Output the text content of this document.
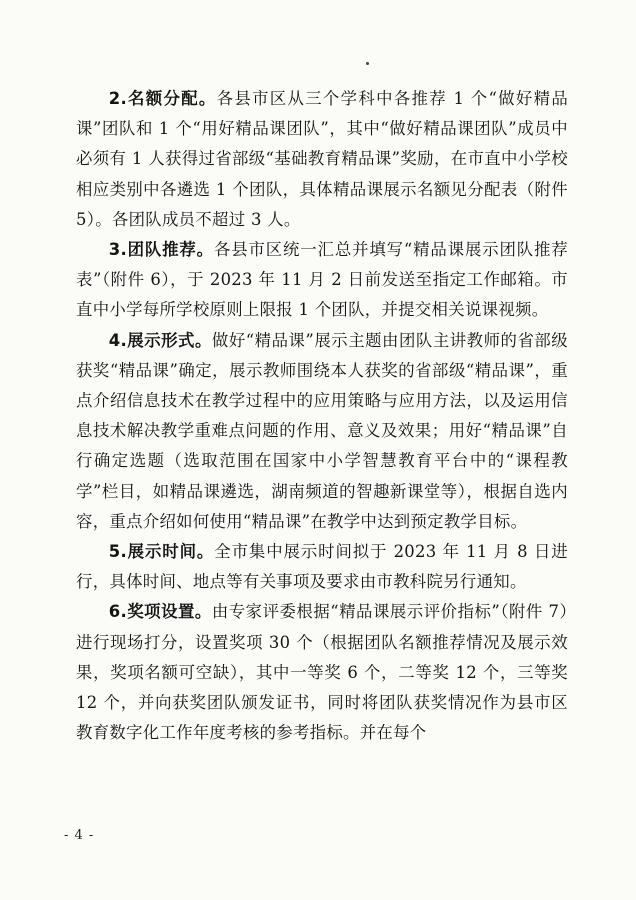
2.名额分配。各县市区从三个学科中各推荐 1 个“做好精品课”团队和 1 个“用好精品课团队”，其中“做好精品课团队”成员中必须有 1 人获得过省部级“基础教育精品课”奖励，在市直中小学校相应类别中各遴选 1 个团队，具体精品课展示名额见分配表（附件 5）。各团队成员不超过 3 人。

3.团队推荐。各县市区统一汇总并填写“精品课展示团队推荐表”（附件 6），于 2023 年 11 月 2 日前发送至指定工作邮箱。市直中小学每所学校原则上限报 1 个团队，并提交相关说课视频。

4.展示形式。做好“精品课”展示主题由团队主讲教师的省部级获奖“精品课”确定，展示教师围绕本人获奖的省部级“精品课”，重点介绍信息技术在教学过程中的应用策略与应用方法，以及运用信息技术解决教学重难点问题的作用、意义及效果；用好“精品课”自行确定选题（选取范围在国家中小学智慧教育平台中的“课程教学”栏目，如精品课遴选，湖南频道的智趣新课堂等），根据自选内容，重点介绍如何使用“精品课”在教学中达到预定教学目标。

5.展示时间。全市集中展示时间拟于 2023 年 11 月 8 日进行，具体时间、地点等有关事项及要求由市教科院另行通知。

6.奖项设置。由专家评委根据“精品课展示评价指标”（附件 7）进行现场打分，设置奖项 30 个（根据团队名额推荐情况及展示效果，奖项名额可空缺），其中一等奖 6 个，二等奖 12 个，三等奖 12 个，并向获奖团队颁发证书，同时将团队获奖情况作为县市区教育数字化工作年度考核的参考指标。并在每个

- 4 -
